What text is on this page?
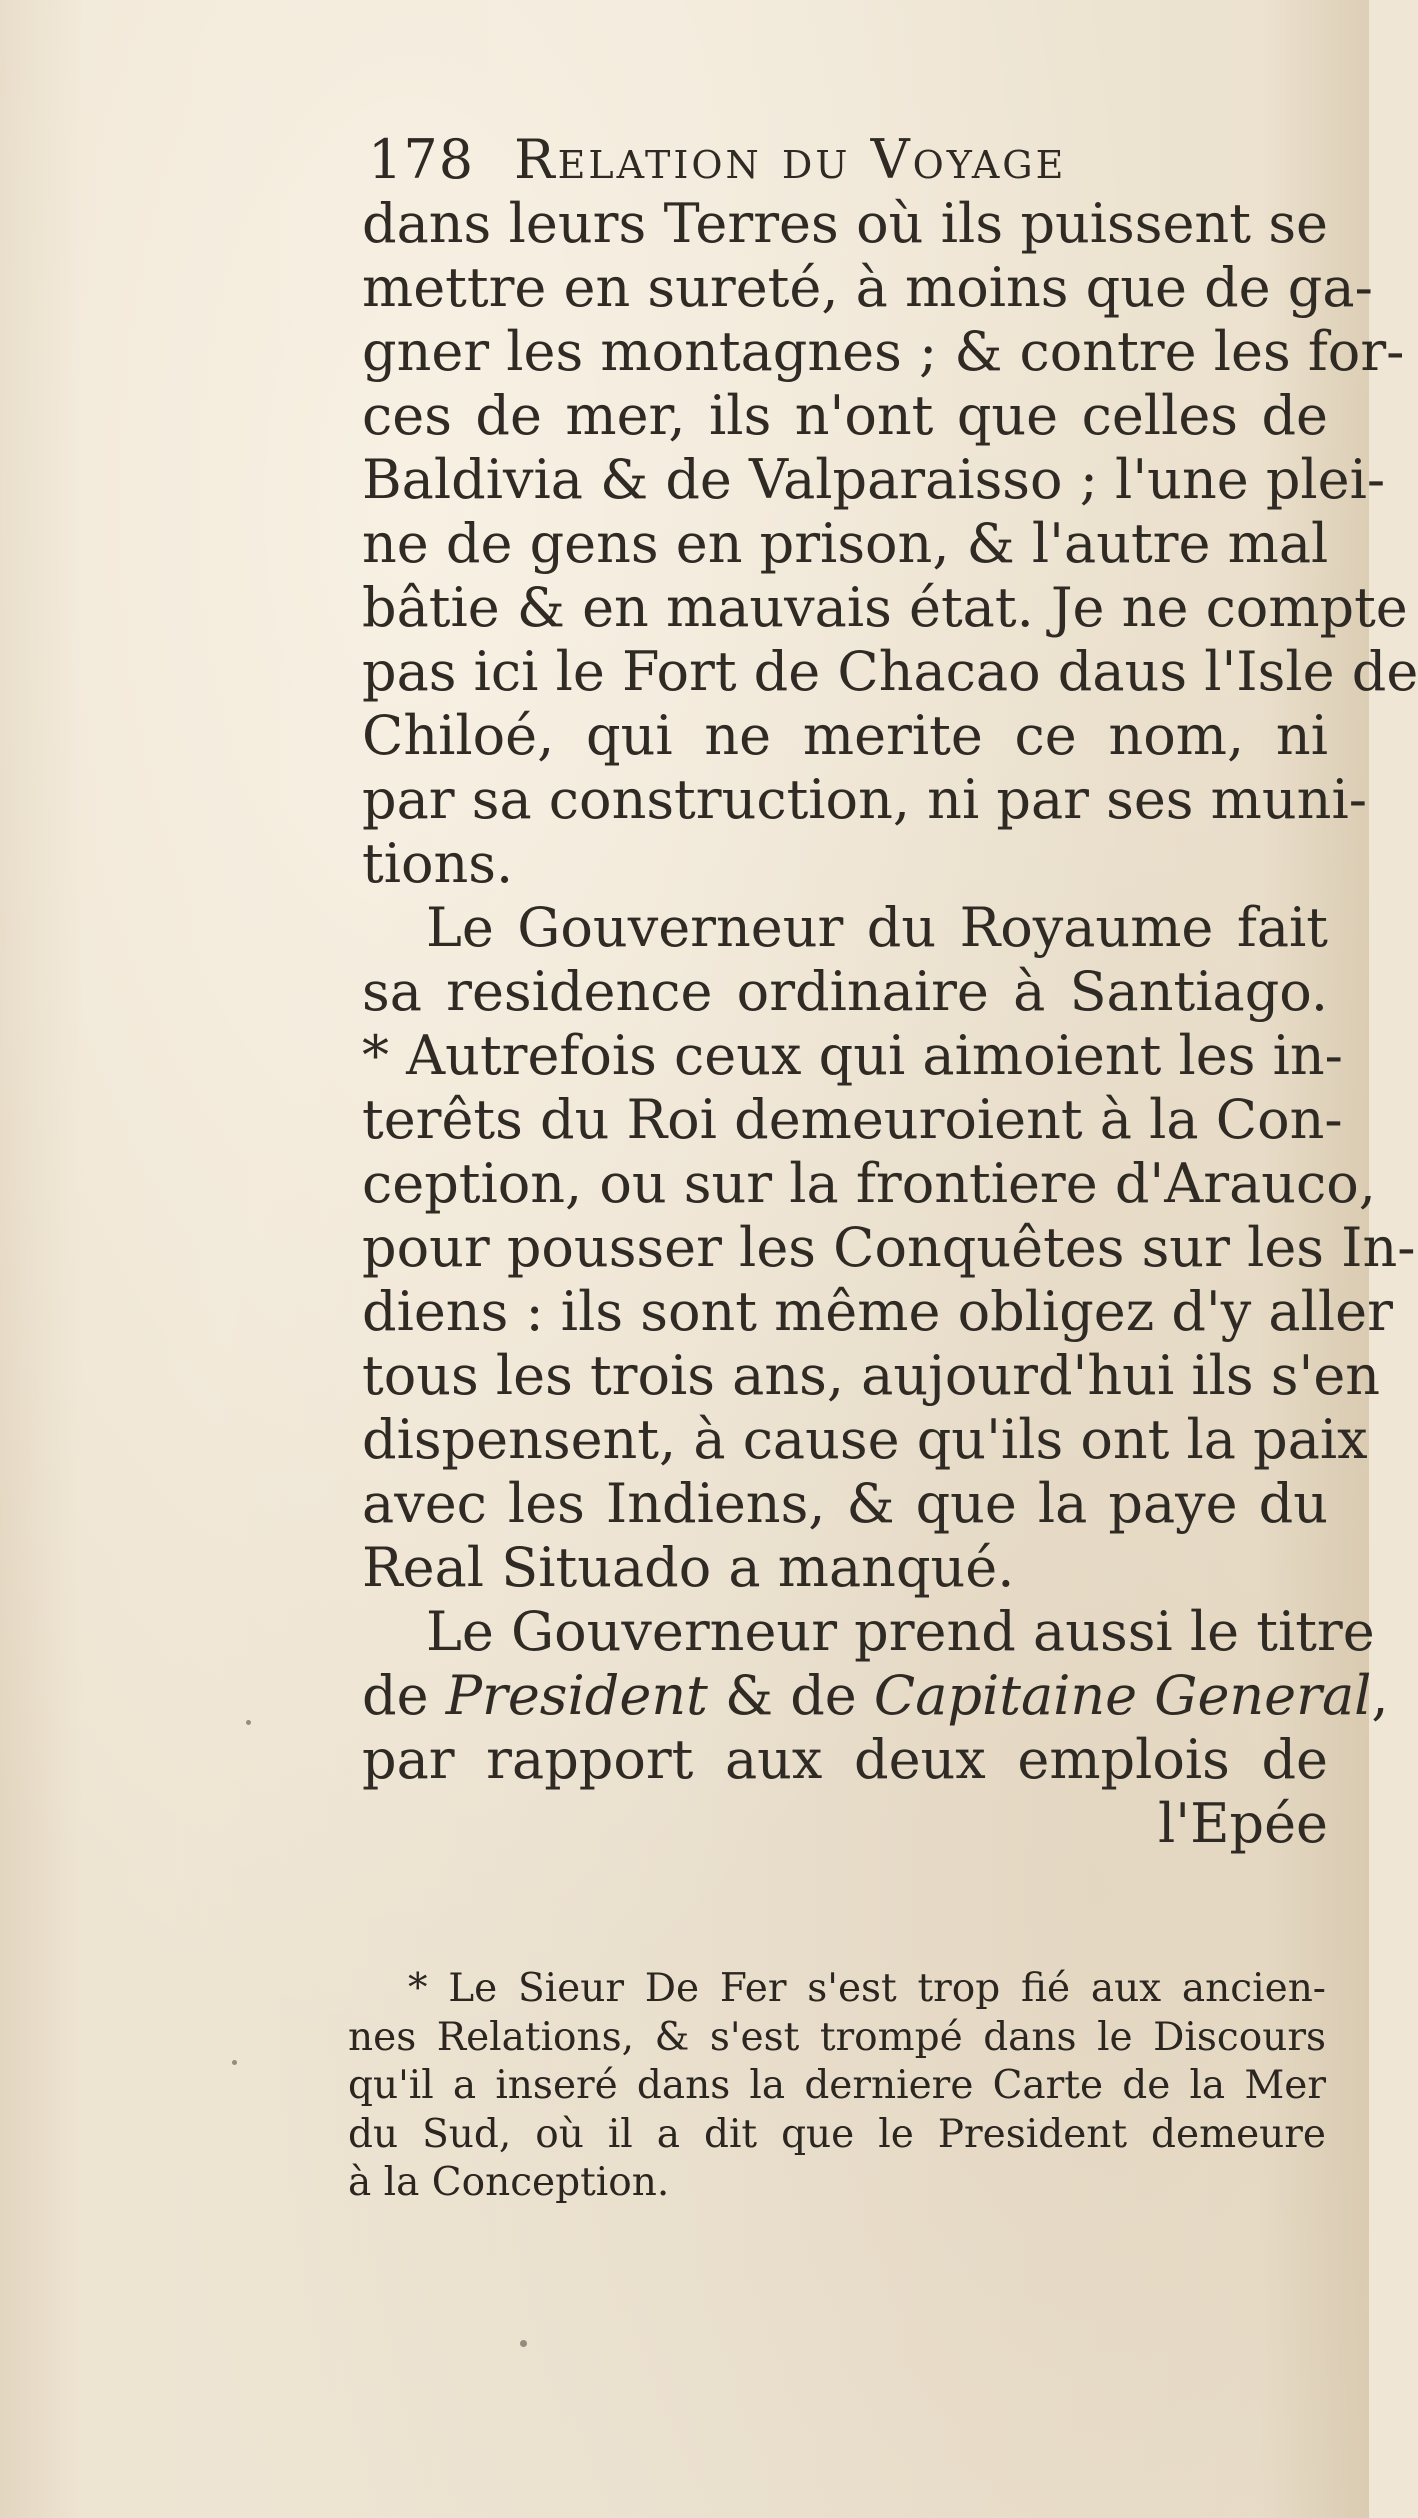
178 Relation du Voyage
dans leurs Terres où ils puissent se
mettre en sureté, à moins que de ga-
gner les montagnes ; & contre les for-
ces de mer, ils n'ont que celles de
Baldivia & de Valparaisso ; l'une plei-
ne de gens en prison, & l'autre mal
bâtie & en mauvais état. Je ne compte
pas ici le Fort de Chacao daus l'Isle de
Chiloé, qui ne merite ce nom, ni
par sa construction, ni par ses muni-
tions.
Le Gouverneur du Royaume fait
sa residence ordinaire à Santiago.
* Autrefois ceux qui aimoient les in-
terêts du Roi demeuroient à la Con-
ception, ou sur la frontiere d'Arauco,
pour pousser les Conquêtes sur les In-
diens : ils sont même obligez d'y aller
tous les trois ans, aujourd'hui ils s'en
dispensent, à cause qu'ils ont la paix
avec les Indiens, & que la paye du
Real Situado a manqué.
Le Gouverneur prend aussi le titre
de President & de Capitaine General,
par rapport aux deux emplois de
l'Epée
* Le Sieur De Fer s'est trop fié aux ancien-
nes Relations, & s'est trompé dans le Discours
qu'il a inseré dans la derniere Carte de la Mer
du Sud, où il a dit que le President demeure
à la Conception.
